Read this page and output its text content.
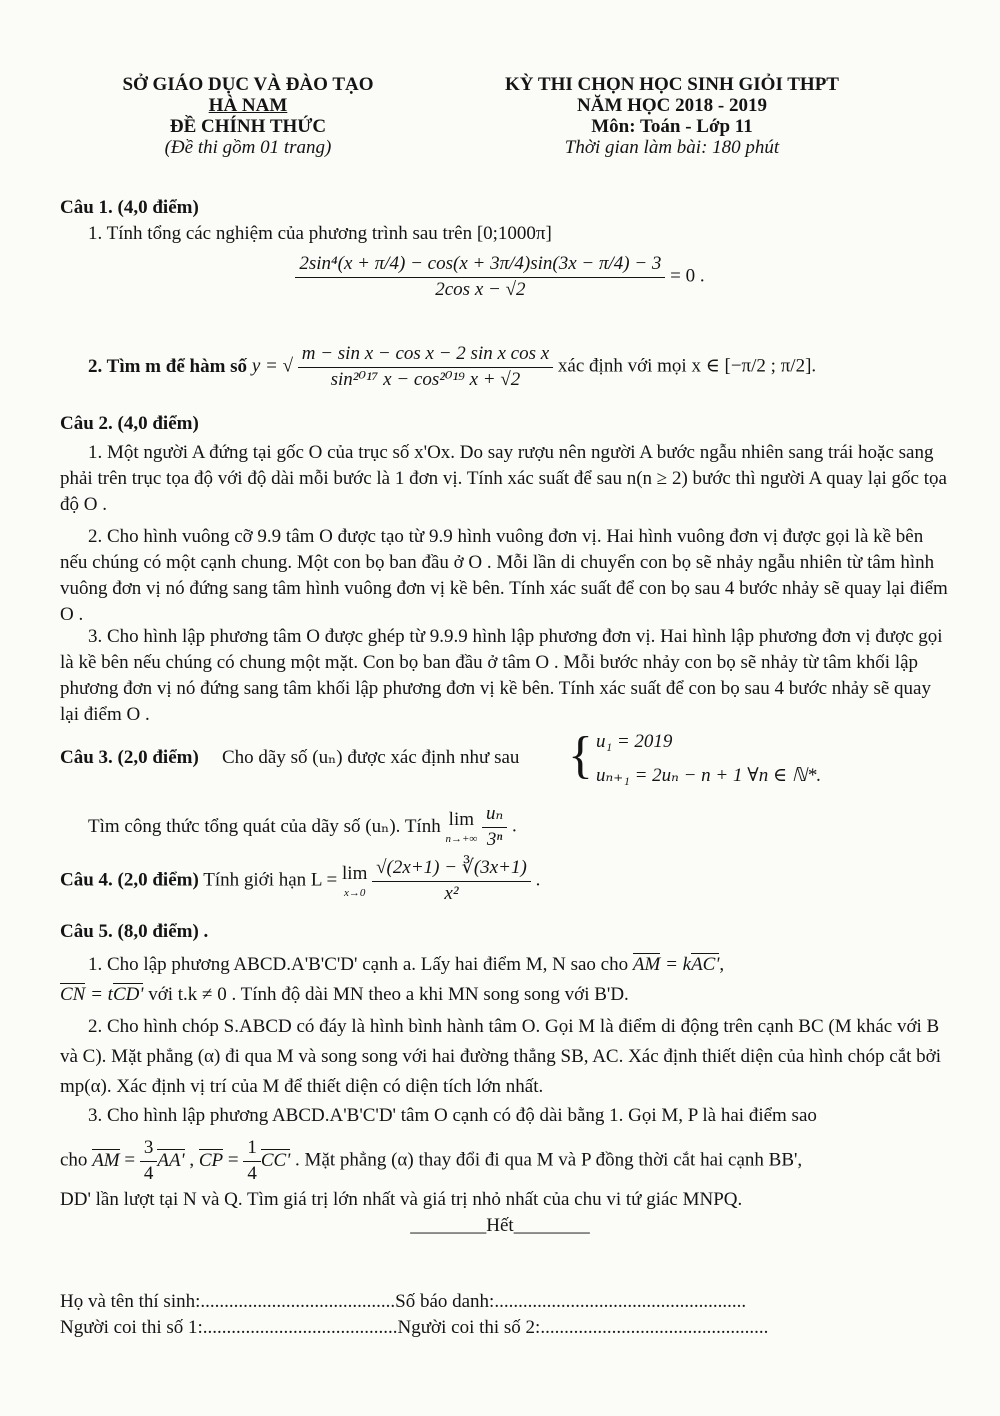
SỞ GIÁO DỤC VÀ ĐÀO TẠO
HÀ NAM
ĐỀ CHÍNH THỨC
(Đề thi gồm 01 trang)
KỲ THI CHỌN HỌC SINH GIỎI THPT
NĂM HỌC 2018 - 2019
Môn: Toán - Lớp 11
Thời gian làm bài: 180 phút
Câu 1. (4,0 điểm)
1. Tính tổng các nghiệm của phương trình sau trên [0;1000π]
$\frac{\text{2sin⁴(x + π/4) − cos(x + 3π/4)sin(3x − π/4) − 3}}{\text{2cos x − √2}} = 0$ .
2. Tìm m để hàm số y = √ $\frac{\text{m − sin x − cos x − 2 sin x cos x}}{\text{sin²⁰¹⁷ x − cos²⁰¹⁹ x + √2}}$ xác định với mọi x ∈ [−π/2 ; π/2].
Câu 2. (4,0 điểm)
1. Một người A đứng tại gốc O của trục số x'Ox. Do say rượu nên người A bước ngẫu nhiên sang trái hoặc sang phải trên trục tọa độ với độ dài mỗi bước là 1 đơn vị. Tính xác suất để sau n(n ≥ 2) bước thì người A quay lại gốc tọa độ O .
2. Cho hình vuông cỡ 9.9 tâm O được tạo từ 9.9 hình vuông đơn vị. Hai hình vuông đơn vị được gọi là kề bên nếu chúng có một cạnh chung. Một con bọ ban đầu ở O . Mỗi lần di chuyển con bọ sẽ nhảy ngẫu nhiên từ tâm hình vuông đơn vị nó đứng sang tâm hình vuông đơn vị kề bên. Tính xác suất để con bọ sau 4 bước nhảy sẽ quay lại điểm O .
3. Cho hình lập phương tâm O được ghép từ 9.9.9 hình lập phương đơn vị. Hai hình lập phương đơn vị được gọi là kề bên nếu chúng có chung một mặt. Con bọ ban đầu ở tâm O . Mỗi bước nhảy con bọ sẽ nhảy từ tâm khối lập phương đơn vị nó đứng sang tâm khối lập phương đơn vị kề bên. Tính xác suất để con bọ sau 4 bước nhảy sẽ quay lại điểm O .
Câu 3. (2,0 điểm) Cho dãy số (uₙ) được xác định như sau { u₁ = 2019
uₙ₊₁ = 2uₙ − n + 1 ∀n ∈ ℕ*.
Tìm công thức tổng quát của dãy số (uₙ). Tính lim
n→+∞
$\frac{\text{uₙ}}{\text{3ⁿ}}$ .
Câu 4. (2,0 điểm) Tính giới hạn L = lim
x→0
$\frac{√(2x+1) - ∛(3x+1)}{\text{x²}}$ .
Câu 5. (8,0 điểm) .
1. Cho lập phương ABCD.A'B'C'D' cạnh a. Lấy hai điểm M, N sao cho AM = kAC',
CN = tCD' với t.k ≠ 0 . Tính độ dài MN theo a khi MN song song với B'D.
2. Cho hình chóp S.ABCD có đáy là hình bình hành tâm O. Gọi M là điểm di động trên cạnh BC (M khác với B và C). Mặt phẳng (α) đi qua M và song song với hai đường thẳng SB, AC. Xác định thiết diện của hình chóp cắt bởi mp(α). Xác định vị trí của M để thiết diện có diện tích lớn nhất.
3. Cho hình lập phương ABCD.A'B'C'D' tâm O cạnh có độ dài bằng 1. Gọi M, P là hai điểm sao
cho AM = $\frac{3}{4} AA'$ , CP = $\frac{1}{4} CC'$ . Mặt phẳng (α) thay đổi đi qua M và P đồng thời cắt hai cạnh BB',
DD' lần lượt tại N và Q. Tìm giá trị lớn nhất và giá trị nhỏ nhất của chu vi tứ giác MNPQ.
________Hết________
Họ và tên thí sinh:.........................................Số báo danh:.....................................................
Người coi thi số 1:.........................................Người coi thi số 2:................................................
